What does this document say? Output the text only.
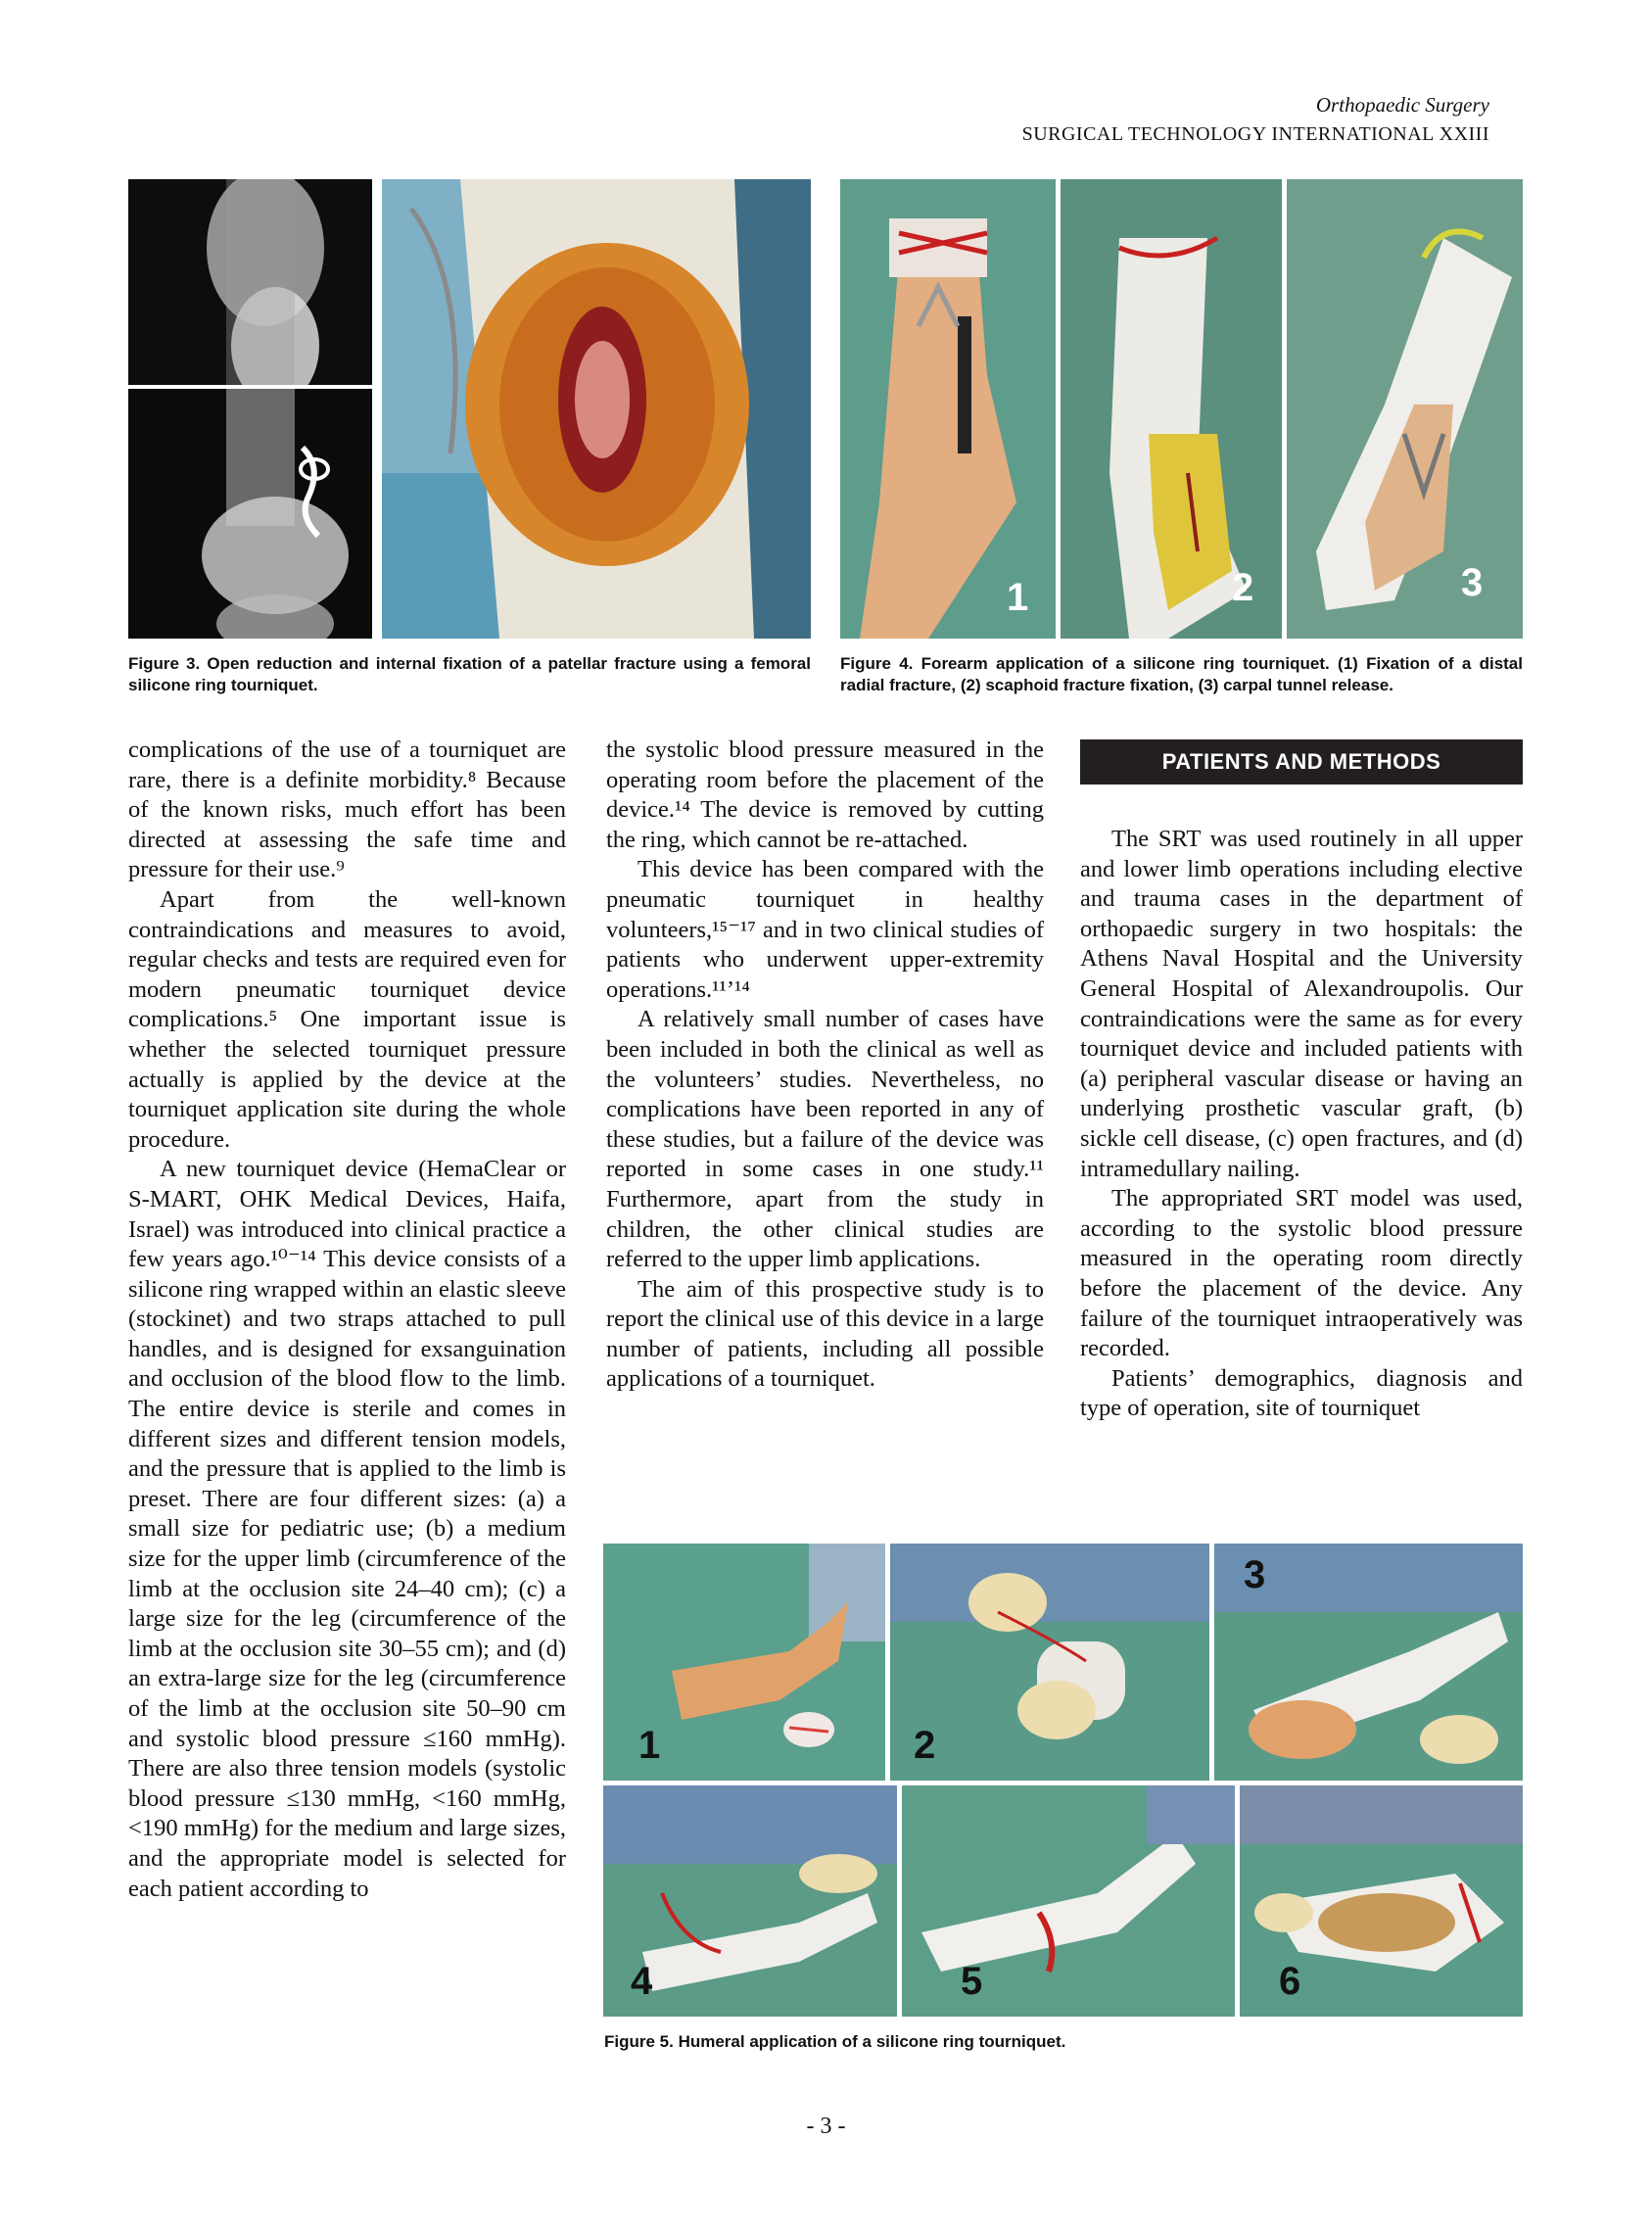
Orthopaedic Surgery
SURGICAL TECHNOLOGY INTERNATIONAL XXIII
Figure 3. Open reduction and internal fixation of a patellar fracture using a femoral silicone ring tourniquet.
1	2	3
Figure 4. Forearm application of a silicone ring tourniquet. (1) Fixation of a distal radial fracture, (2) scaphoid fracture fixation, (3) carpal tunnel release.

complications of the use of a tourniquet are rare, there is a definite morbidity.⁸ Because of the known risks, much effort has been directed at assessing the safe time and pressure for their use.⁹

Apart from the well-known contraindications and measures to avoid, regular checks and tests are required even for modern pneumatic tourniquet device complications.⁵ One important issue is whether the selected tourniquet pressure actually is applied by the device at the tourniquet application site during the whole procedure.

A new tourniquet device (HemaClear or S-MART, OHK Medical Devices, Haifa, Israel) was introduced into clinical practice a few years ago.¹⁰⁻¹⁴ This device consists of a silicone ring wrapped within an elastic sleeve (stockinet) and two straps attached to pull handles, and is designed for exsanguination and occlusion of the blood flow to the limb. The entire device is sterile and comes in different sizes and different tension models, and the pressure that is applied to the limb is preset. There are four different sizes: (a) a small size for pediatric use; (b) a medium size for the upper limb (circumference of the limb at the occlusion site 24–40 cm); (c) a large size for the leg (circumference of the limb at the occlusion site 30–55 cm); and (d) an extra-large size for the leg (circumference of the limb at the occlusion site 50–90 cm and systolic blood pressure ≤160 mmHg). There are also three tension models (systolic blood pressure ≤130 mmHg, <160 mmHg, <190 mmHg) for the medium and large sizes, and the appropriate model is selected for each patient according to

the systolic blood pressure measured in the operating room before the placement of the device.¹⁴ The device is removed by cutting the ring, which cannot be re-attached.

This device has been compared with the pneumatic tourniquet in healthy volunteers,¹⁵⁻¹⁷ and in two clinical studies of patients who underwent upper-extremity operations.¹¹ʼ¹⁴

A relatively small number of cases have been included in both the clinical as well as the volunteers’ studies. Nevertheless, no complications have been reported in any of these studies, but a failure of the device was reported in some cases in one study.¹¹ Furthermore, apart from the study in children, the other clinical studies are referred to the upper limb applications.

The aim of this prospective study is to report the clinical use of this device in a large number of patients, including all possible applications of a tourniquet.

PATIENTS AND METHODS

The SRT was used routinely in all upper and lower limb operations including elective and trauma cases in the department of orthopaedic surgery in two hospitals: the Athens Naval Hospital and the University General Hospital of Alexandroupolis. Our contraindications were the same as for every tourniquet device and included patients with (a) peripheral vascular disease or having an underlying prosthetic vascular graft, (b) sickle cell disease, (c) open fractures, and (d) intramedullary nailing.

The appropriated SRT model was used, according to the systolic blood pressure measured in the operating room directly before the placement of the device. Any failure of the tourniquet intraoperatively was recorded.

Patients’ demographics, diagnosis and type of operation, site of tourniquet

1	2
3
4	5	6
Figure 5. Humeral application of a silicone ring tourniquet.
- 3 -
